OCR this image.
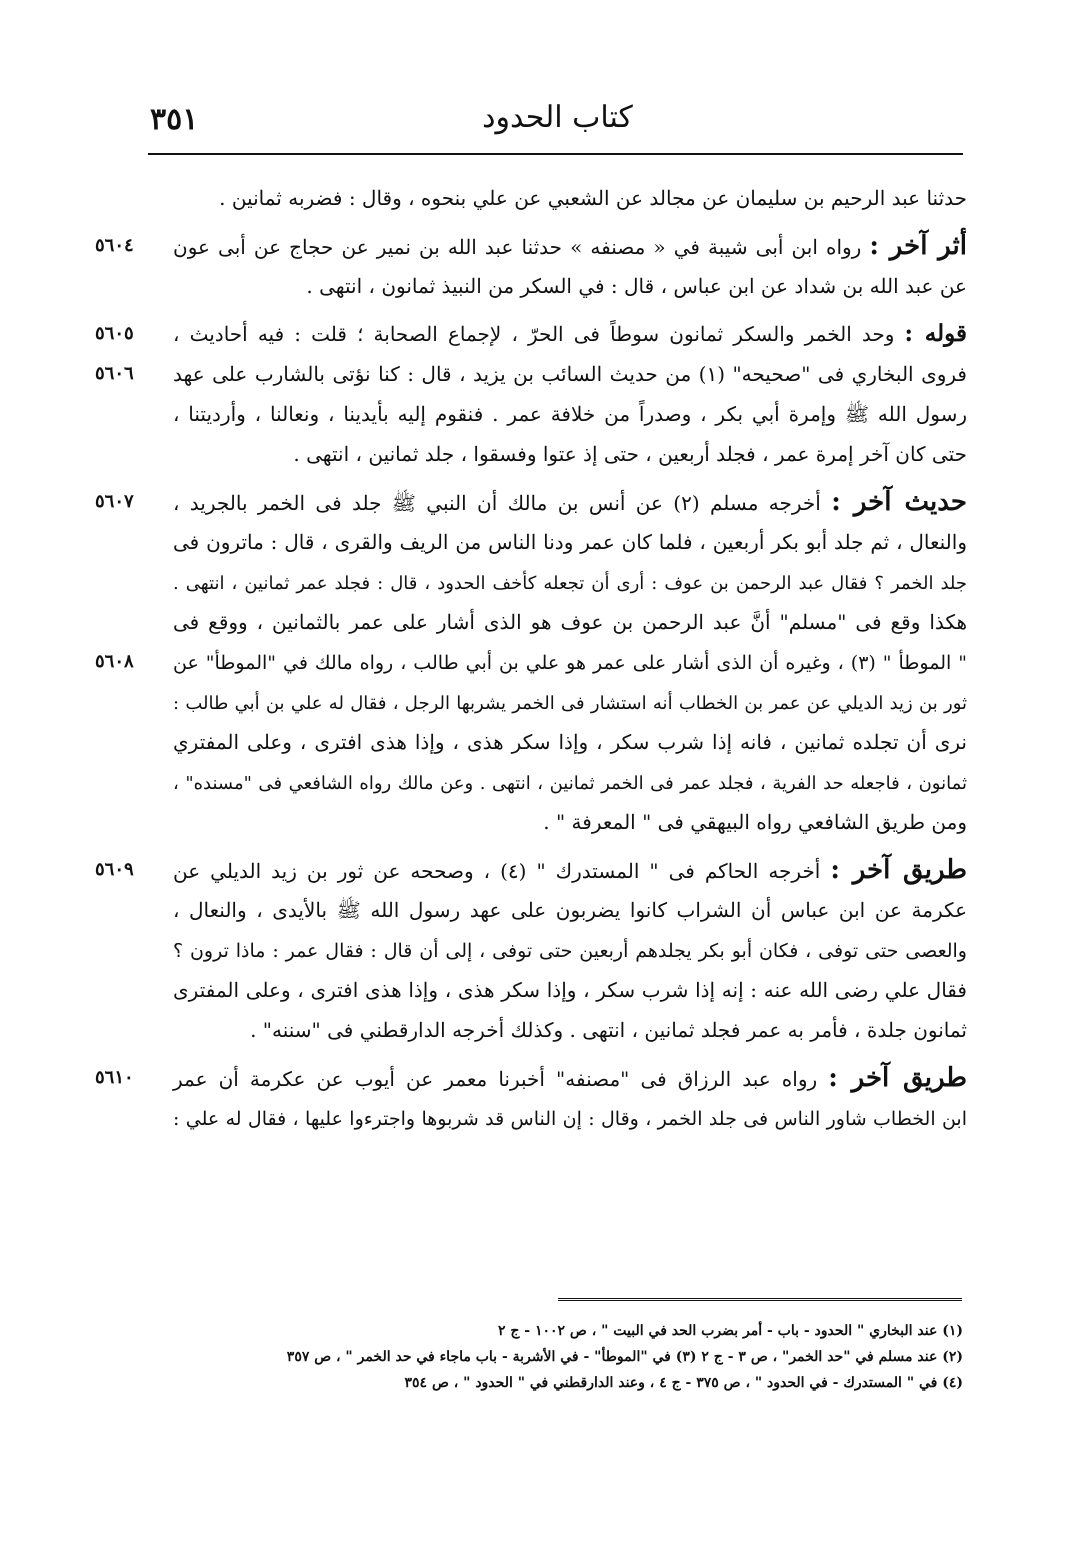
٣٥١	كتاب الحدود
حدثنا عبد الرحيم بن سليمان عن مجالد عن الشعبي عن علي بنحوه ، وقال : فضربه ثمانين .
أثر آخر : رواه ابن أبى شيبة في « مصنفه » حدثنا عبد الله بن نمير عن حجاج عن أبى عون
٥٦٠٤
عن عبد الله بن شداد عن ابن عباس ، قال : في السكر من النبيذ ثمانون ، انتهى .
قوله : وحد الخمر والسكر ثمانون سوطاً فى الحرّ ، لإجماع الصحابة ؛ قلت : فيه أحاديث ،
٥٦٠٥
فروى البخاري فى "صحيحه" (١) من حديث السائب بن يزيد ، قال : كنا نؤتى بالشارب على عهد
٥٦٠٦
رسول الله ﷺ وإمرة أبي بكر ، وصدراً من خلافة عمر . فنقوم إليه بأيدينا ، ونعالنا ، وأرديتنا ،
حتى كان آخر إمرة عمر ، فجلد أربعين ، حتى إذ عتوا وفسقوا ، جلد ثمانين ، انتهى .
حديث آخر : أخرجه مسلم (٢) عن أنس بن مالك أن النبي ﷺ جلد فى الخمر بالجريد ،
٥٦٠٧
والنعال ، ثم جلد أبو بكر أربعين ، فلما كان عمر ودنا الناس من الريف والقرى ، قال : ماترون فى
جلد الخمر ؟ فقال عبد الرحمن بن عوف : أرى أن تجعله كأخف الحدود ، قال : فجلد عمر ثمانين ، انتهى .
هكذا وقع فى "مسلم" أنَّ عبد الرحمن بن عوف هو الذى أشار على عمر بالثمانين ، ووقع فى
" الموطأ " (٣) ، وغيره أن الذى أشار على عمر هو علي بن أبي طالب ، رواه مالك في "الموطأ" عن
٥٦٠٨
ثور بن زيد الديلي عن عمر بن الخطاب أنه استشار فى الخمر يشربها الرجل ، فقال له علي بن أبي طالب :
نرى أن تجلده ثمانين ، فانه إذا شرب سكر ، وإذا سكر هذى ، وإذا هذى افترى ، وعلى المفتري
ثمانون ، فاجعله حد الفرية ، فجلد عمر فى الخمر ثمانين ، انتهى . وعن مالك رواه الشافعي فى "مسنده" ،
ومن طريق الشافعي رواه البيهقي فى " المعرفة " .
طريق آخر : أخرجه الحاكم فى " المستدرك " (٤) ، وصححه عن ثور بن زيد الديلي عن
٥٦٠٩
عكرمة عن ابن عباس أن الشراب كانوا يضربون على عهد رسول الله ﷺ بالأيدى ، والنعال ،
والعصى حتى توفى ، فكان أبو بكر يجلدهم أربعين حتى توفى ، إلى أن قال : فقال عمر : ماذا ترون ؟
فقال علي رضى الله عنه : إنه إذا شرب سكر ، وإذا سكر هذى ، وإذا هذى افترى ، وعلى المفترى
ثمانون جلدة ، فأمر به عمر فجلد ثمانين ، انتهى . وكذلك أخرجه الدارقطني فى "سننه" .
طريق آخر : رواه عبد الرزاق فى "مصنفه" أخبرنا معمر عن أيوب عن عكرمة أن عمر
٥٦١٠
ابن الخطاب شاور الناس فى جلد الخمر ، وقال : إن الناس قد شربوها واجترءوا عليها ، فقال له علي :
(١) عند البخاري " الحدود - باب - أمر بضرب الحد في البيت " ، ص ١٠٠٢ - ج ٢
(٢) عند مسلم في "حد الخمر" ، ص ٣ - ج ٢ (٣) في "الموطأ" - في الأشربة - باب ماجاء في حد الخمر " ، ص ٣٥٧
(٤) في " المستدرك - في الحدود " ، ص ٣٧٥ - ج ٤ ، وعند الدارقطني في " الحدود " ، ص ٣٥٤
